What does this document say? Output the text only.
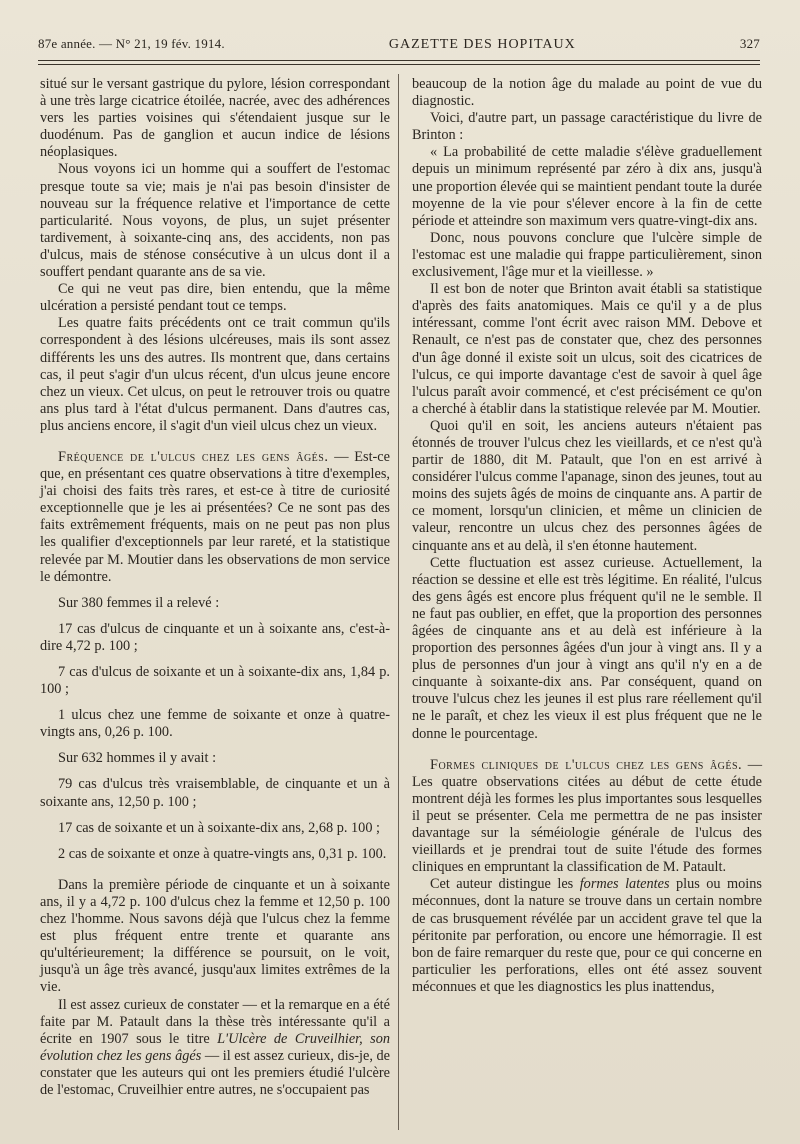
87e année. — N° 21, 19 fév. 1914.	GAZETTE DES HOPITAUX	327

situé sur le versant gastrique du pylore, lésion correspondant à une très large cicatrice étoilée, nacrée, avec des adhérences vers les parties voisines qui s'étendaient jusque sur le duodénum. Pas de ganglion et aucun indice de lésions néoplasiques.

Nous voyons ici un homme qui a souffert de l'estomac presque toute sa vie; mais je n'ai pas besoin d'insister de nouveau sur la fréquence relative et l'importance de cette particularité. Nous voyons, de plus, un sujet présenter tardivement, à soixante-cinq ans, des accidents, non pas d'ulcus, mais de sténose consécutive à un ulcus dont il a souffert pendant quarante ans de sa vie.

Ce qui ne veut pas dire, bien entendu, que la même ulcération a persisté pendant tout ce temps.

Les quatre faits précédents ont ce trait commun qu'ils correspondent à des lésions ulcéreuses, mais ils sont assez différents les uns des autres. Ils montrent que, dans certains cas, il peut s'agir d'un ulcus récent, d'un ulcus jeune encore chez un vieux. Cet ulcus, on peut le retrouver trois ou quatre ans plus tard à l'état d'ulcus permanent. Dans d'autres cas, plus anciens encore, il s'agit d'un vieil ulcus chez un vieux.

Fréquence de l'ulcus chez les gens âgés. — Est-ce que, en présentant ces quatre observations à titre d'exemples, j'ai choisi des faits très rares, et est-ce à titre de curiosité exceptionnelle que je les ai présentées? Ce ne sont pas des faits extrêmement fréquents, mais on ne peut pas non plus les qualifier d'exceptionnels par leur rareté, et la statistique relevée par M. Moutier dans les observations de mon service le démontre.

Sur 380 femmes il a relevé :

17 cas d'ulcus de cinquante et un à soixante ans, c'est-à-dire 4,72 p. 100 ;

7 cas d'ulcus de soixante et un à soixante-dix ans, 1,84 p. 100 ;

1 ulcus chez une femme de soixante et onze à quatre-vingts ans, 0,26 p. 100.

Sur 632 hommes il y avait :

79 cas d'ulcus très vraisemblable, de cinquante et un à soixante ans, 12,50 p. 100 ;

17 cas de soixante et un à soixante-dix ans, 2,68 p. 100 ;

2 cas de soixante et onze à quatre-vingts ans, 0,31 p. 100.

Dans la première période de cinquante et un à soixante ans, il y a 4,72 p. 100 d'ulcus chez la femme et 12,50 p. 100 chez l'homme. Nous savons déjà que l'ulcus chez la femme est plus fréquent entre trente et quarante ans qu'ultérieurement; la différence se poursuit, on le voit, jusqu'à un âge très avancé, jusqu'aux limites extrêmes de la vie.

Il est assez curieux de constater — et la remarque en a été faite par M. Patault dans la thèse très intéressante qu'il a écrite en 1907 sous le titre L'Ulcère de Cruveilhier, son évolution chez les gens âgés — il est assez curieux, dis-je, de constater que les auteurs qui ont les premiers étudié l'ulcère de l'estomac, Cruveilhier entre autres, ne s'occupaient pas

beaucoup de la notion âge du malade au point de vue du diagnostic.

Voici, d'autre part, un passage caractéristique du livre de Brinton :

« La probabilité de cette maladie s'élève graduellement depuis un minimum représenté par zéro à dix ans, jusqu'à une proportion élevée qui se maintient pendant toute la durée moyenne de la vie pour s'élever encore à la fin de cette période et atteindre son maximum vers quatre-vingt-dix ans.

Donc, nous pouvons conclure que l'ulcère simple de l'estomac est une maladie qui frappe particulièrement, sinon exclusivement, l'âge mur et la vieillesse. »

Il est bon de noter que Brinton avait établi sa statistique d'après des faits anatomiques. Mais ce qu'il y a de plus intéressant, comme l'ont écrit avec raison MM. Debove et Renault, ce n'est pas de constater que, chez des personnes d'un âge donné il existe soit un ulcus, soit des cicatrices de l'ulcus, ce qui importe davantage c'est de savoir à quel âge l'ulcus paraît avoir commencé, et c'est précisément ce qu'on a cherché à établir dans la statistique relevée par M. Moutier.

Quoi qu'il en soit, les anciens auteurs n'étaient pas étonnés de trouver l'ulcus chez les vieillards, et ce n'est qu'à partir de 1880, dit M. Patault, que l'on en est arrivé à considérer l'ulcus comme l'apanage, sinon des jeunes, tout au moins des sujets âgés de moins de cinquante ans. A partir de ce moment, lorsqu'un clinicien, et même un clinicien de valeur, rencontre un ulcus chez des personnes âgées de cinquante ans et au delà, il s'en étonne hautement.

Cette fluctuation est assez curieuse. Actuellement, la réaction se dessine et elle est très légitime. En réalité, l'ulcus des gens âgés est encore plus fréquent qu'il ne le semble. Il ne faut pas oublier, en effet, que la proportion des personnes âgées de cinquante ans et au delà est inférieure à la proportion des personnes âgées d'un jour à vingt ans. Il y a plus de personnes d'un jour à vingt ans qu'il n'y en a de cinquante à soixante-dix ans. Par conséquent, quand on trouve l'ulcus chez les jeunes il est plus rare réellement qu'il ne le paraît, et chez les vieux il est plus fréquent que ne le donne le pourcentage.

Formes cliniques de l'ulcus chez les gens âgés. — Les quatre observations citées au début de cette étude montrent déjà les formes les plus importantes sous lesquelles il peut se présenter. Cela me permettra de ne pas insister davantage sur la séméiologie générale de l'ulcus des vieillards et je prendrai tout de suite l'étude des formes cliniques en empruntant la classification de M. Patault.

Cet auteur distingue les formes latentes plus ou moins méconnues, dont la nature se trouve dans un certain nombre de cas brusquement révélée par un accident grave tel que la péritonite par perforation, ou encore une hémorragie. Il est bon de faire remarquer du reste que, pour ce qui concerne en particulier les perforations, elles ont été assez souvent méconnues et que les diagnostics les plus inattendus,
